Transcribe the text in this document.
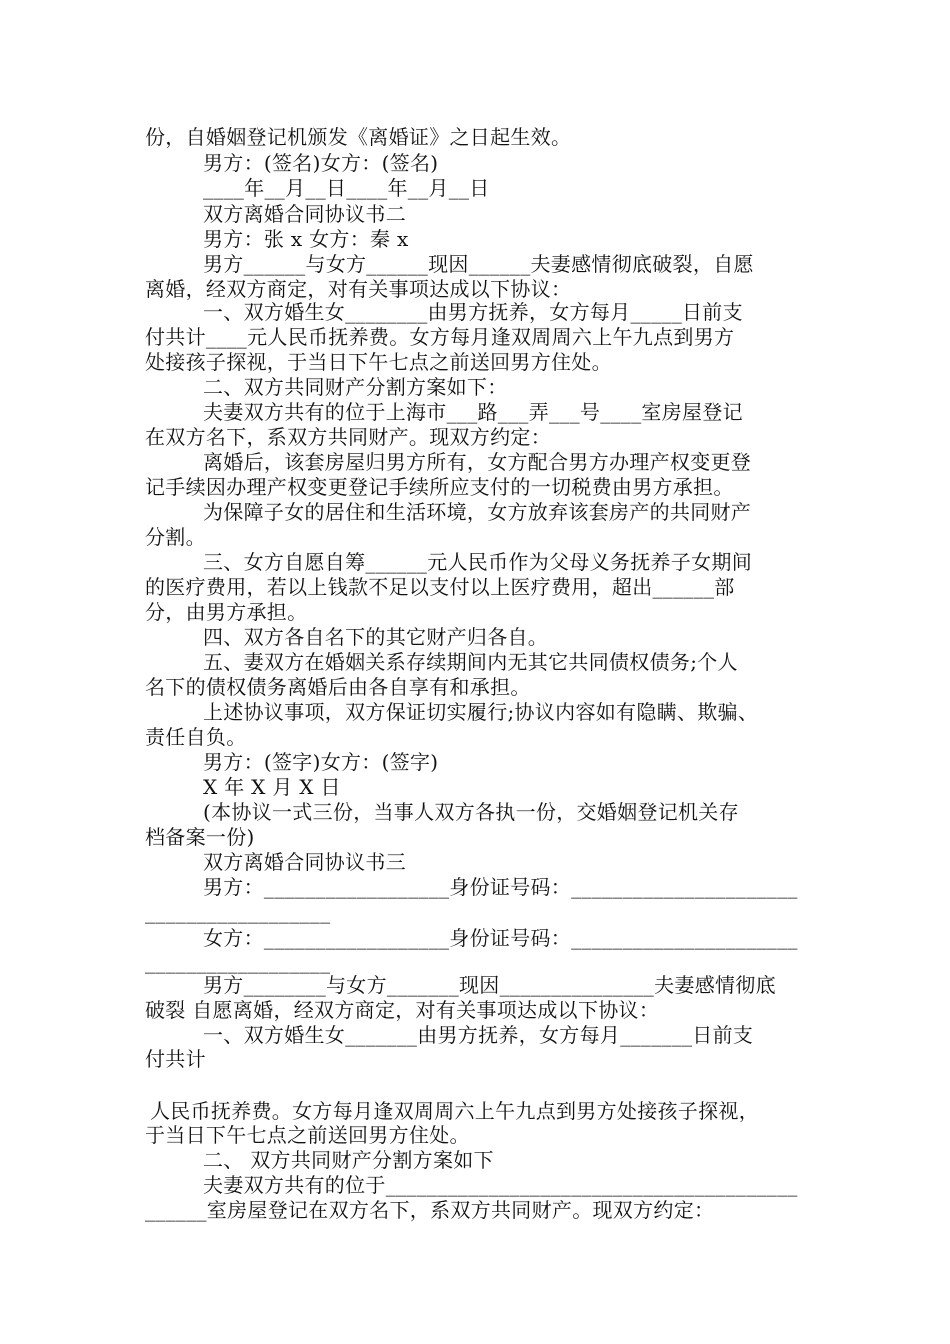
份，自婚姻登记机颁发《离婚证》之日起生效。
男方：(签名)女方：(签名)
____年__月__日____年__月__日
双方离婚合同协议书二
男方：张 x 女方：秦 x
男方______与女方______现因______夫妻感情彻底破裂，自愿
离婚，经双方商定，对有关事项达成以下协议：
一、双方婚生女________由男方抚养，女方每月_____日前支
付共计____元人民币抚养费。女方每月逢双周周六上午九点到男方
处接孩子探视，于当日下午七点之前送回男方住处。
二、双方共同财产分割方案如下：
夫妻双方共有的位于上海市___路___弄___号____室房屋登记
在双方名下，系双方共同财产。现双方约定：
离婚后，该套房屋归男方所有，女方配合男方办理产权变更登
记手续因办理产权变更登记手续所应支付的一切税费由男方承担。
为保障子女的居住和生活环境，女方放弃该套房产的共同财产
分割。
三、女方自愿自筹______元人民币作为父母义务抚养子女期间
的医疗费用，若以上钱款不足以支付以上医疗费用，超出______部
分，由男方承担。
四、双方各自名下的其它财产归各自。
五、妻双方在婚姻关系存续期间内无其它共同债权债务;个人
名下的债权债务离婚后由各自享有和承担。
上述协议事项，双方保证切实履行;协议内容如有隐瞒、欺骗、
责任自负。
男方：(签字)女方：(签字)
X 年 X 月 X 日
(本协议一式三份，当事人双方各执一份，交婚姻登记机关存
档备案一份)
双方离婚合同协议书三
男方：__________________身份证号码：______________________
__________________
女方：__________________身份证号码：______________________
__________________
男方________与女方_______现因_______________夫妻感情彻底
破裂 自愿离婚，经双方商定，对有关事项达成以下协议：
一、双方婚生女_______由男方抚养，女方每月_______日前支
付共计
人民币抚养费。女方每月逢双周周六上午九点到男方处接孩子探视，
于当日下午七点之前送回男方住处。
二、 双方共同财产分割方案如下
夫妻双方共有的位于________________________________________
______室房屋登记在双方名下，系双方共同财产。现双方约定：
